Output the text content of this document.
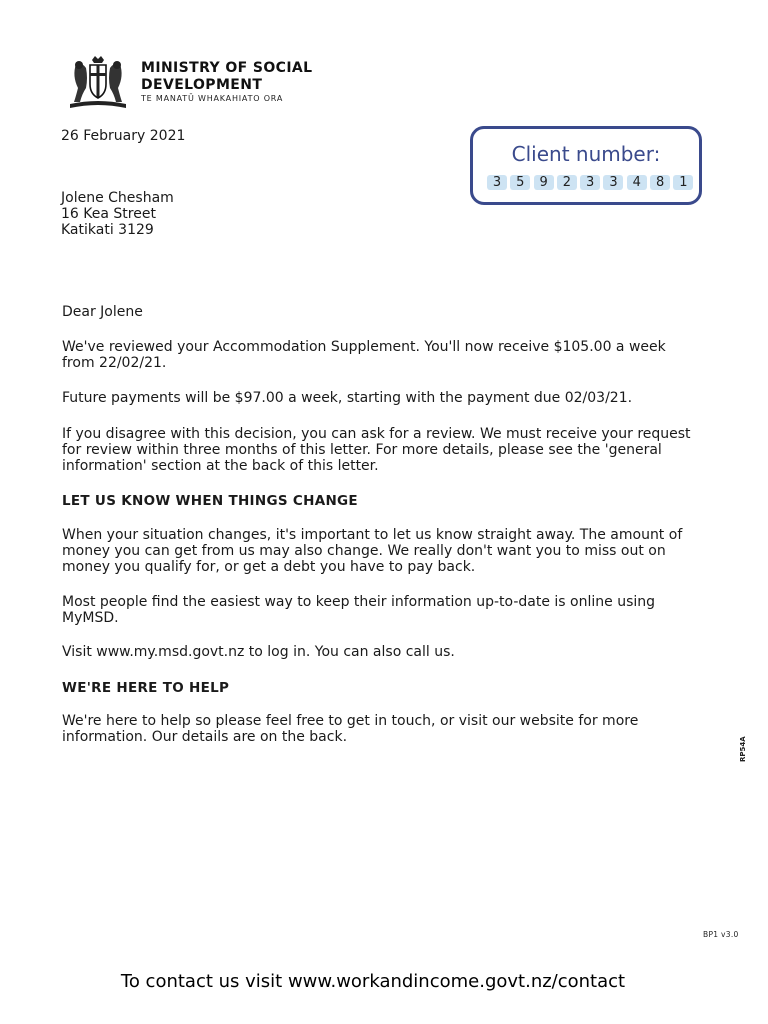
MINISTRY OF SOCIAL
DEVELOPMENT
TE MANATŪ WHAKAHIATO ORA
26 February 2021
Client number:
3	5	9	2	3	3	4	8	1
Jolene Chesham
16 Kea Street
Katikati 3129
Dear Jolene
We've reviewed your Accommodation Supplement. You'll now receive $105.00 a week
from 22/02/21.
Future payments will be $97.00 a week, starting with the payment due 02/03/21.
If you disagree with this decision, you can ask for a review. We must receive your request
for review within three months of this letter. For more details, please see the 'general
information' section at the back of this letter.
LET US KNOW WHEN THINGS CHANGE
When your situation changes, it's important to let us know straight away. The amount of
money you can get from us may also change. We really don't want you to miss out on
money you qualify for, or get a debt you have to pay back.
Most people find the easiest way to keep their information up-to-date is online using
MyMSD.
Visit www.my.msd.govt.nz to log in. You can also call us.
WE'RE HERE TO HELP
We're here to help so please feel free to get in touch, or visit our website for more
information. Our details are on the back.	RP54A
BP1 v3.0
To contact us visit www.workandincome.govt.nz/contact
